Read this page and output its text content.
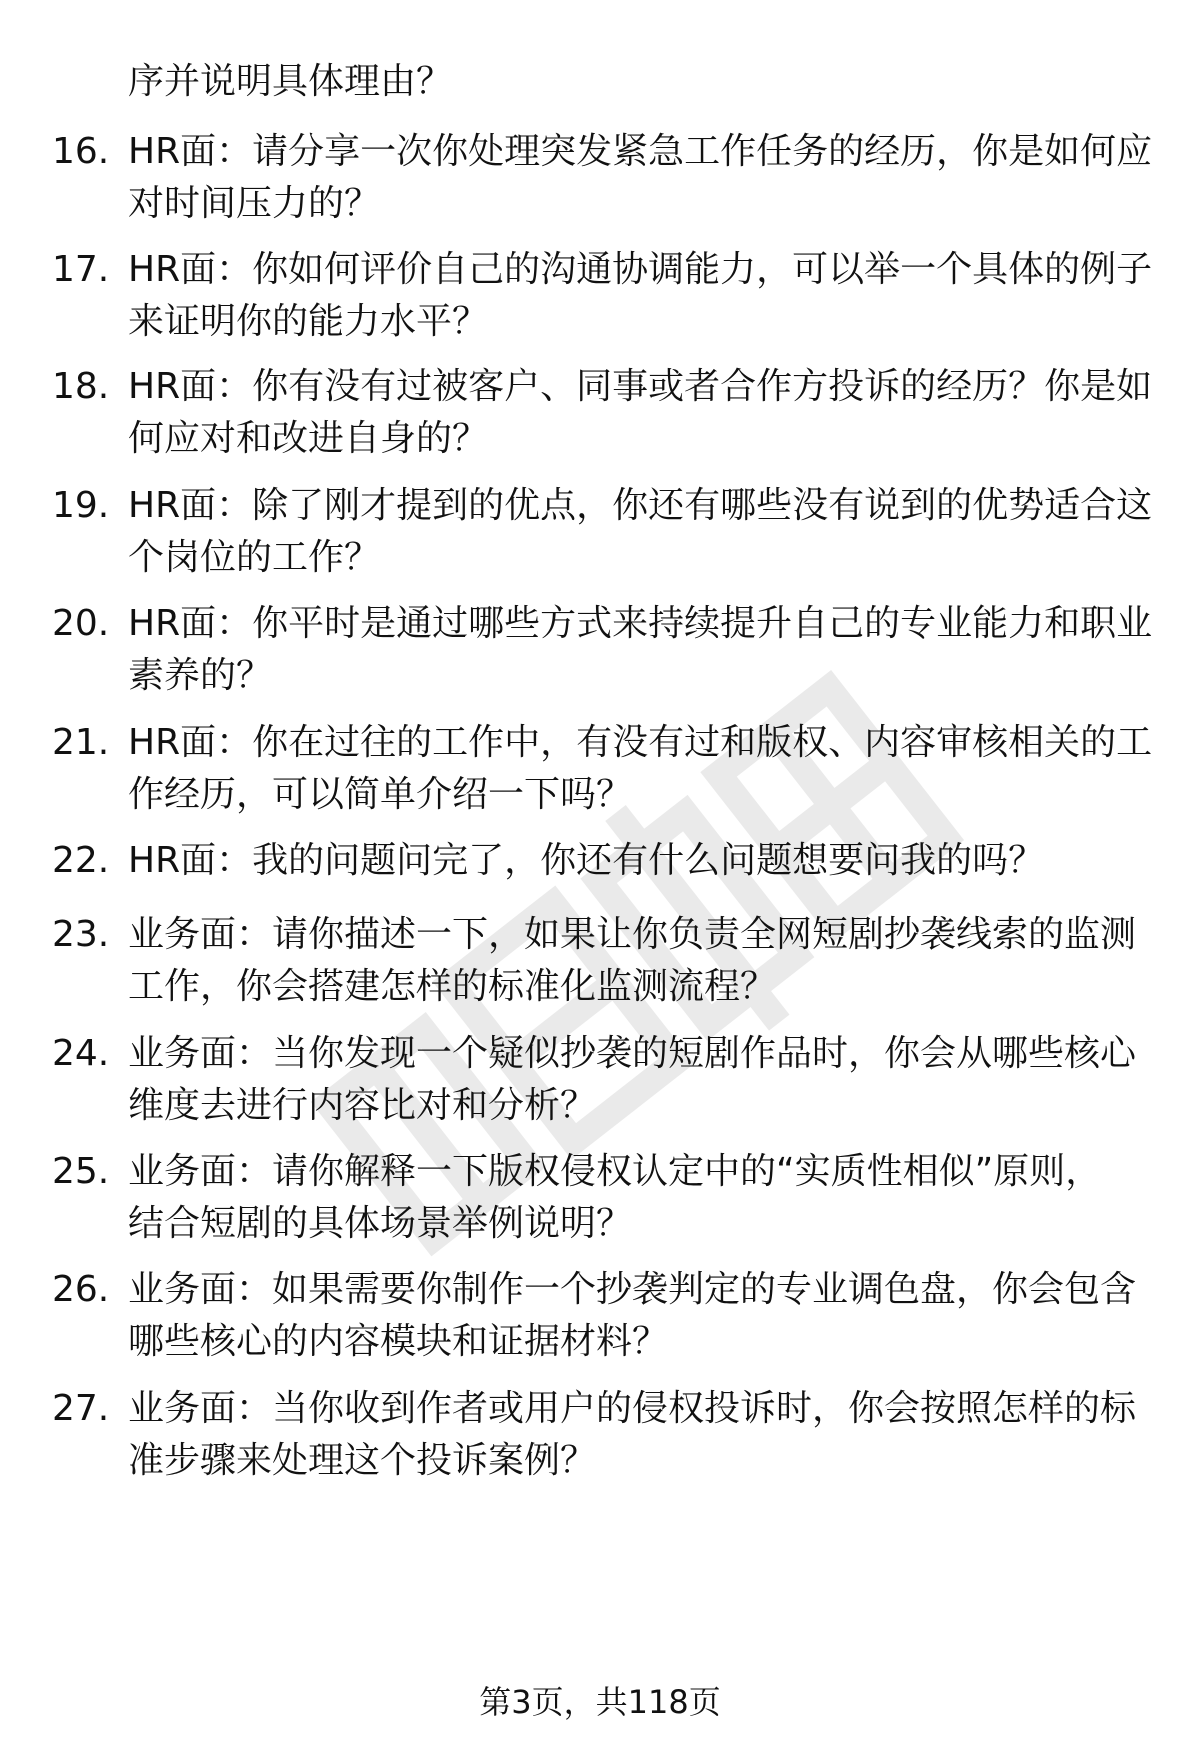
序并说明具体理由？
16. HR面：请分享一次你处理突发紧急工作任务的经历，你是如何应
对时间压力的？
17. HR面：你如何评价自己的沟通协调能力，可以举一个具体的例子
来证明你的能力水平？
18. HR面：你有没有过被客户、同事或者合作方投诉的经历？你是如
何应对和改进自身的？
19. HR面：除了刚才提到的优点，你还有哪些没有说到的优势适合这
个岗位的工作？
20. HR面：你平时是通过哪些方式来持续提升自己的专业能力和职业
素养的？
21. HR面：你在过往的工作中，有没有过和版权、内容审核相关的工
作经历，可以简单介绍一下吗？
22. HR面：我的问题问完了，你还有什么问题想要问我的吗？
23. 业务面：请你描述一下，如果让你负责全网短剧抄袭线索的监测
工作，你会搭建怎样的标准化监测流程？
24. 业务面：当你发现一个疑似抄袭的短剧作品时，你会从哪些核心
维度去进行内容比对和分析？
25. 业务面：请你解释一下版权侵权认定中的“实质性相似”原则，
结合短剧的具体场景举例说明？
26. 业务面：如果需要你制作一个抄袭判定的专业调色盘，你会包含
哪些核心的内容模块和证据材料？
27. 业务面：当你收到作者或用户的侵权投诉时，你会按照怎样的标
准步骤来处理这个投诉案例？
第3页，共118页
